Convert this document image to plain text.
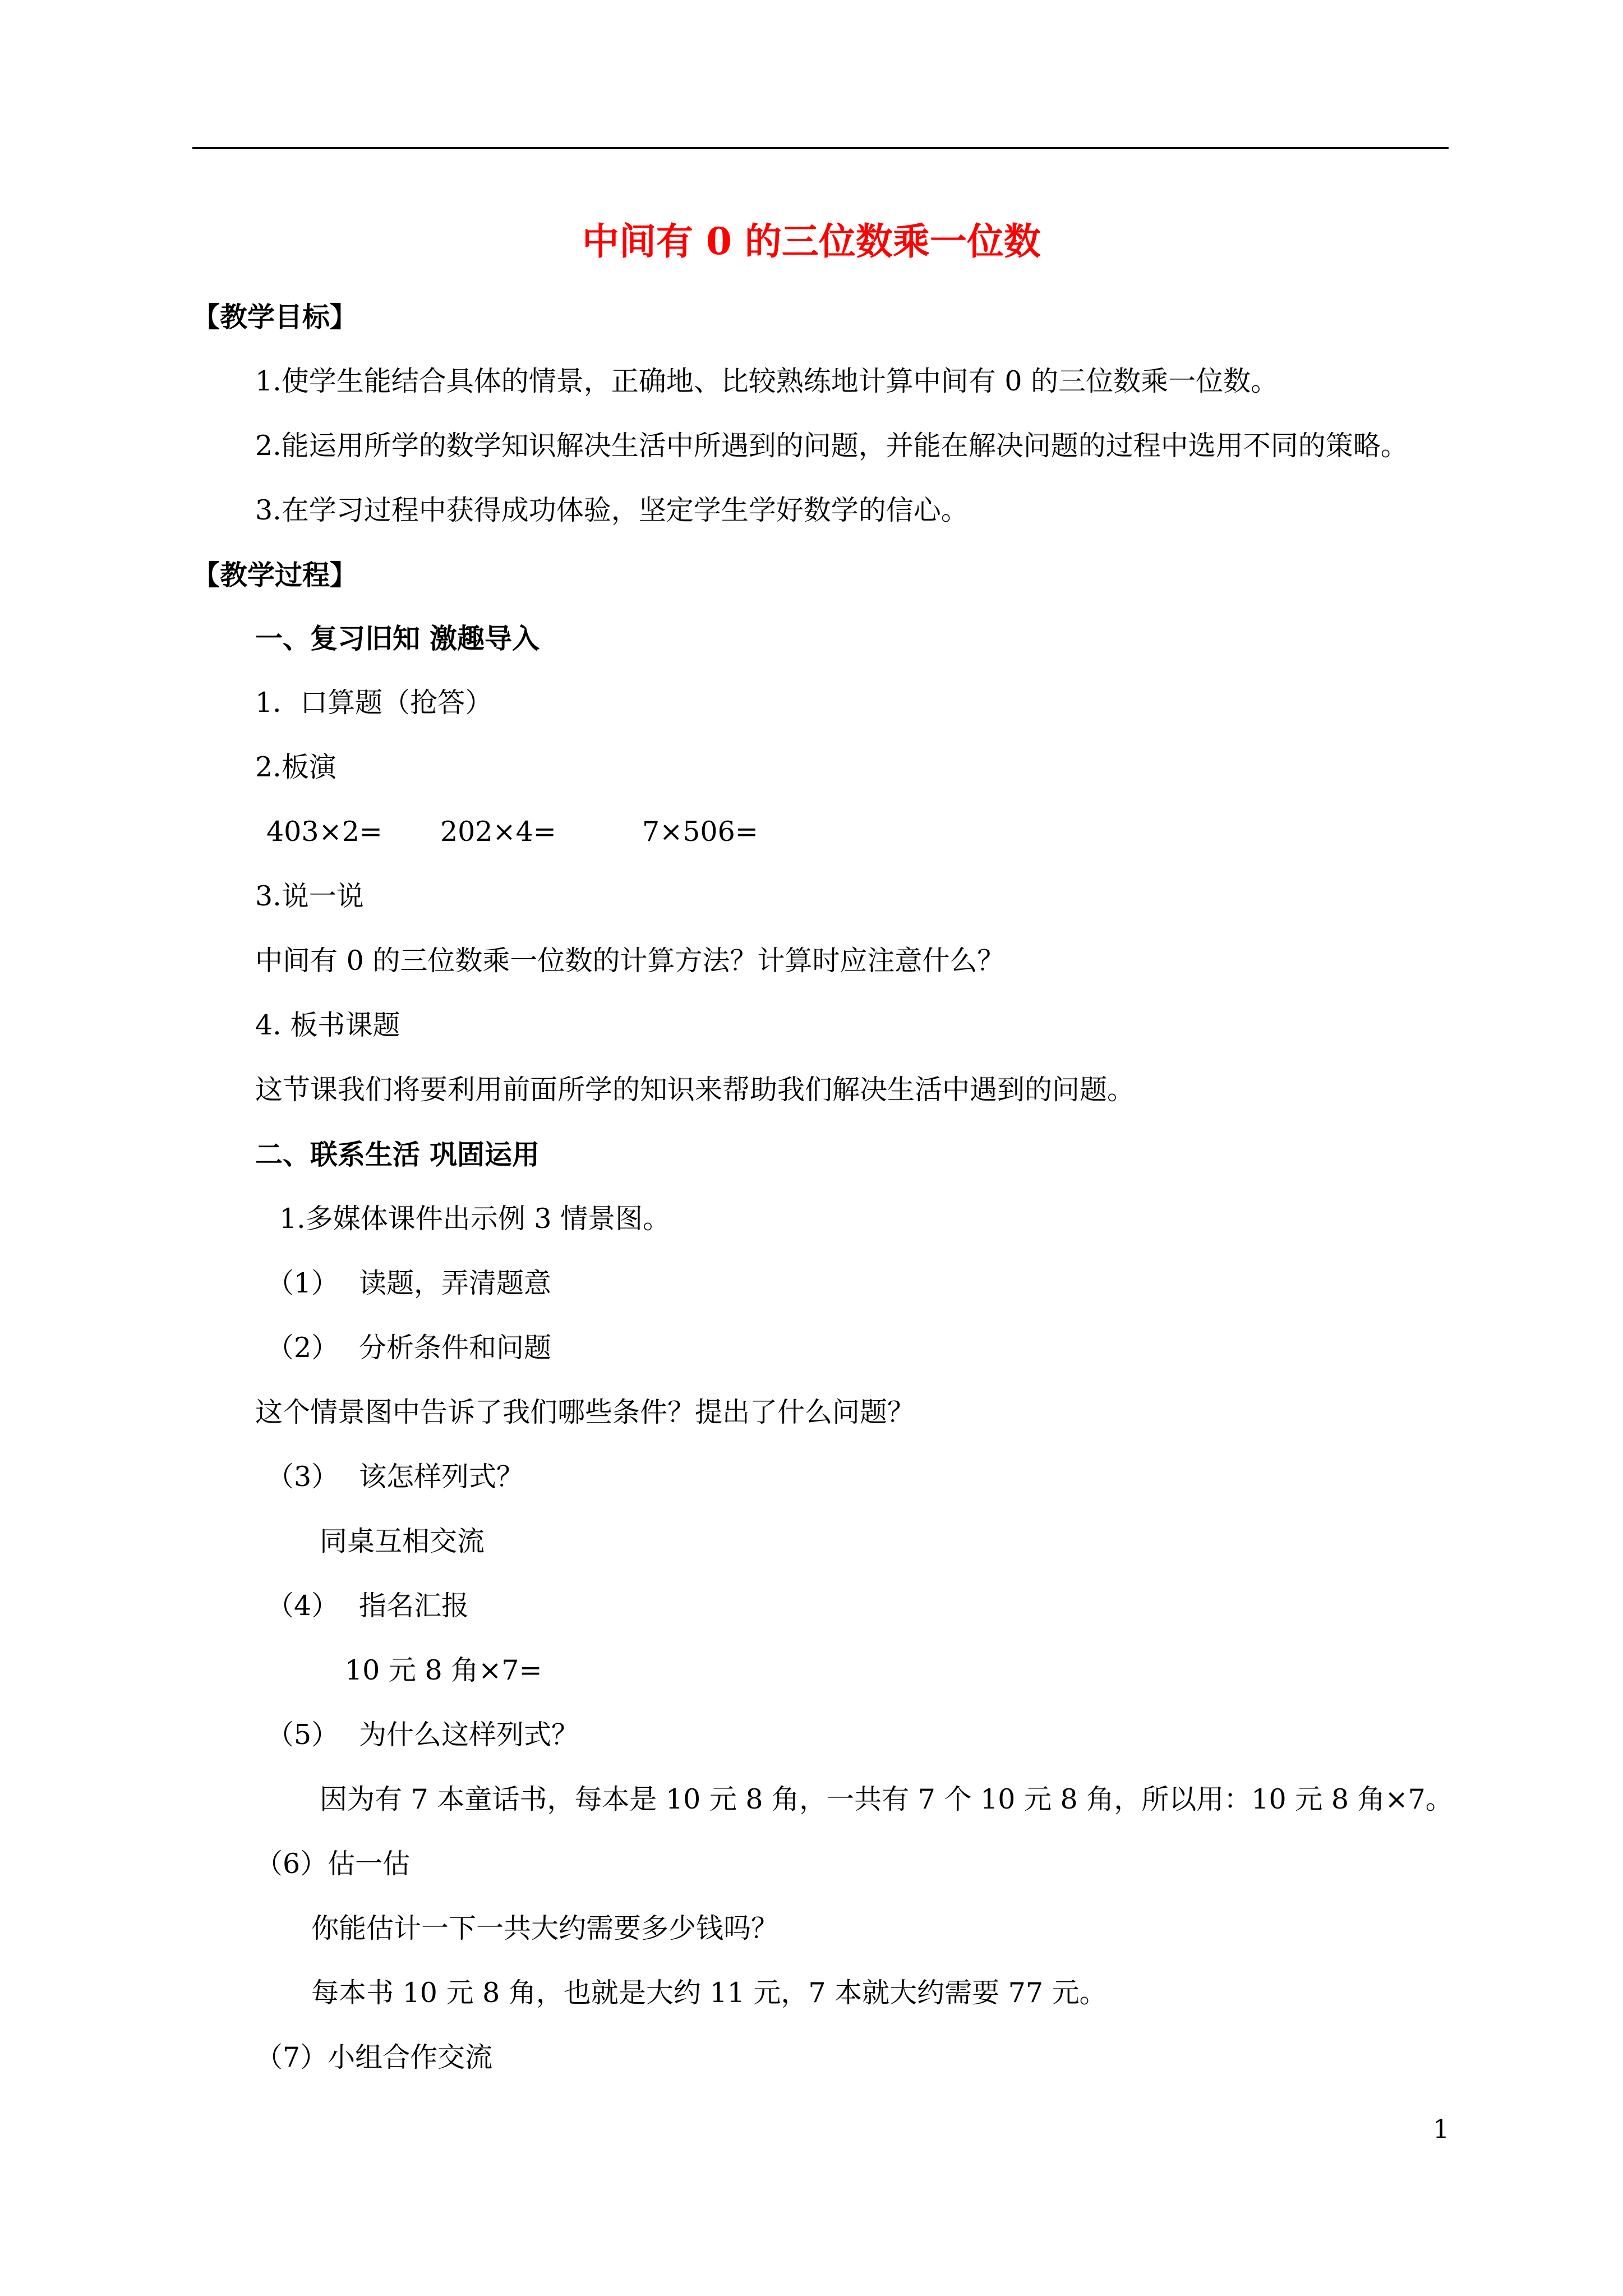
中间有 0 的三位数乘一位数
【教学目标】
1.使学生能结合具体的情景，正确地、比较熟练地计算中间有 0 的三位数乘一位数。
2.能运用所学的数学知识解决生活中所遇到的问题，并能在解决问题的过程中选用不同的策略。
3.在学习过程中获得成功体验，坚定学生学好数学的信心。
【教学过程】
一、复习旧知 激趣导入
1．口算题（抢答）
2.板演
403×2= 202×4=	7×506=
3.说一说
中间有 0 的三位数乘一位数的计算方法？计算时应注意什么？
4. 板书课题
这节课我们将要利用前面所学的知识来帮助我们解决生活中遇到的问题。
二、联系生活 巩固运用
1.多媒体课件出示例 3 情景图。
（1） 读题，弄清题意
（2） 分析条件和问题
这个情景图中告诉了我们哪些条件？提出了什么问题？
（3） 该怎样列式？
同桌互相交流
（4） 指名汇报
10 元 8 角×7=
（5） 为什么这样列式？
因为有 7 本童话书，每本是 10 元 8 角，一共有 7 个 10 元 8 角，所以用：10 元 8 角×7。
（6）估一估
你能估计一下一共大约需要多少钱吗？
每本书 10 元 8 角，也就是大约 11 元，7 本就大约需要 77 元。
（7）小组合作交流
1
